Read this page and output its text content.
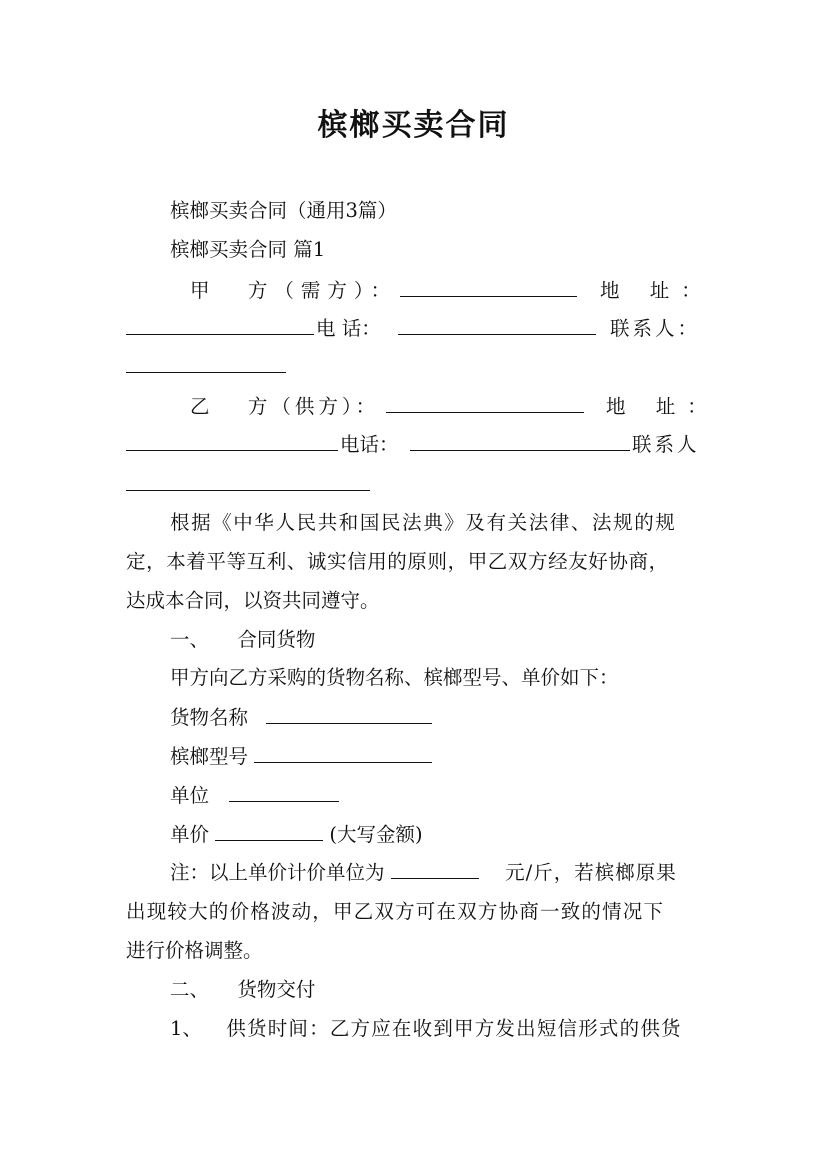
槟榔买卖合同
槟榔买卖合同（通用3篇）
槟榔买卖合同 篇1
甲 方（需方）：	地 址：
电 话：	联系人：
乙 方（供方）：	地 址：
电话：	联系人
根据《中华人民共和国民法典》及有关法律、法规的规
定，本着平等互利、诚实信用的原则，甲乙双方经友好协商，
达成本合同，以资共同遵守。
一、 合同货物
甲方向乙方采购的货物名称、槟榔型号、单价如下：
货物名称
槟榔型号
单位
单价	(大写金额)
注：以上单价计价单位为	元/斤，若槟榔原果
出现较大的价格波动，甲乙双方可在双方协商一致的情况下
进行价格调整。
二、 货物交付
1、 供货时间：乙方应在收到甲方发出短信形式的供货
